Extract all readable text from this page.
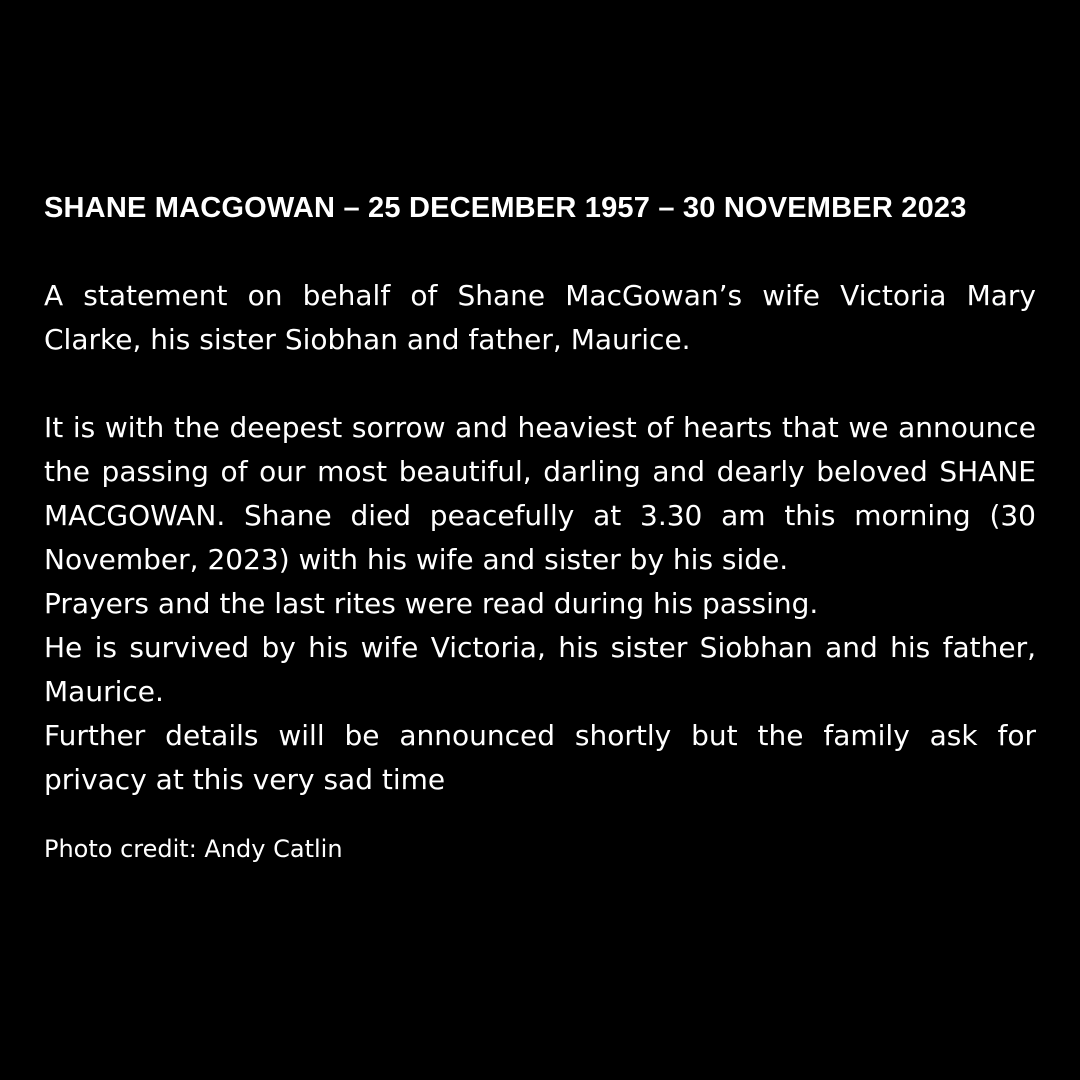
SHANE MACGOWAN – 25 DECEMBER 1957 – 30 NOVEMBER 2023

A statement on behalf of Shane MacGowan’s wife Victoria Mary Clarke, his sister Siobhan and father, Maurice.

It is with the deepest sorrow and heaviest of hearts that we announce the passing of our most beautiful, darling and dearly beloved SHANE MACGOWAN. Shane died peacefully at 3.30 am this morning (30 November, 2023) with his wife and sister by his side.

Prayers and the last rites were read during his passing.

He is survived by his wife Victoria, his sister Siobhan and his father, Maurice.

Further details will be announced shortly but the family ask for privacy at this very sad time

Photo credit: Andy Catlin
